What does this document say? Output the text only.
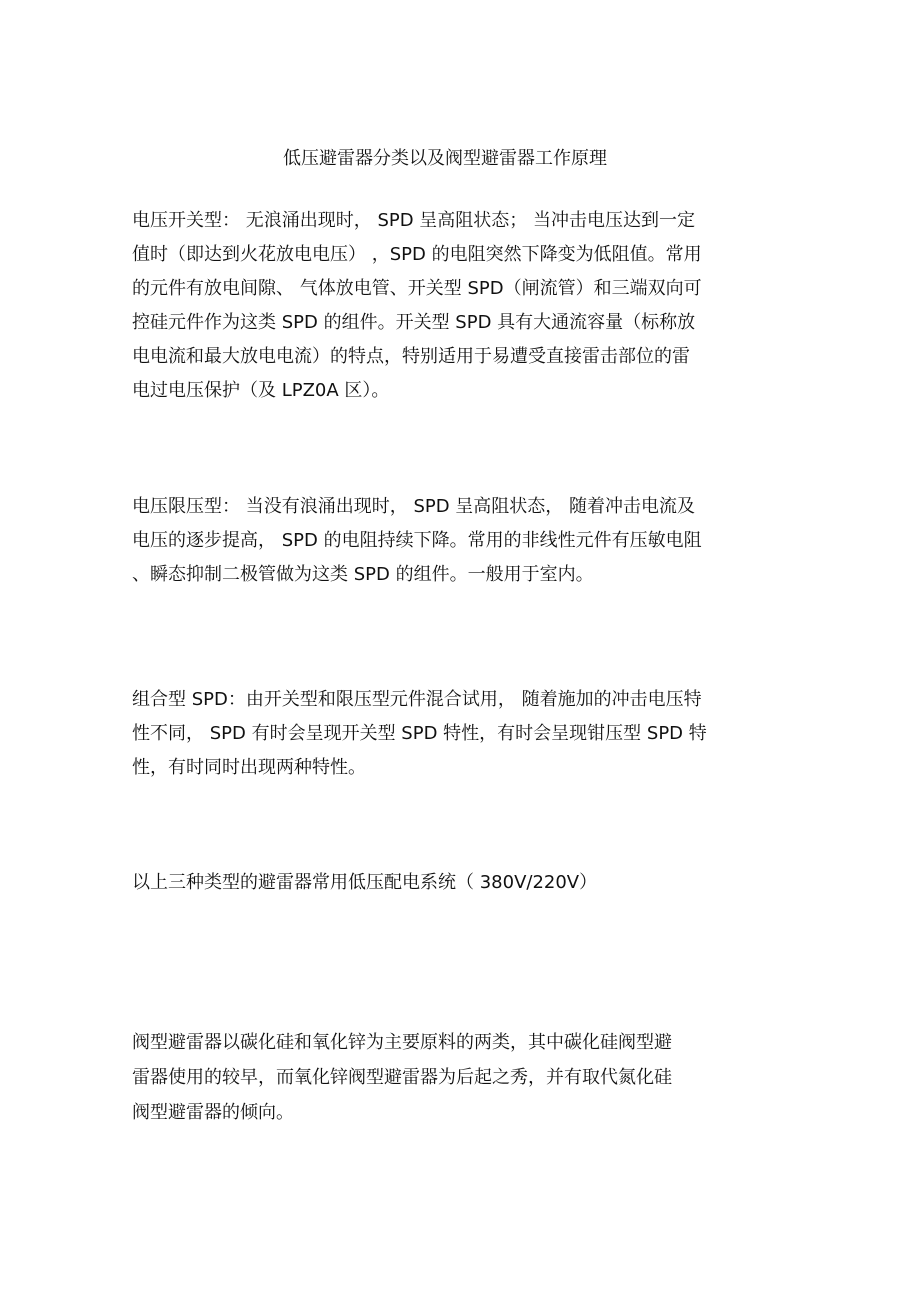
低压避雷器分类以及阀型避雷器工作原理
电压开关型： 无浪涌出现时， SPD 呈高阻状态； 当冲击电压达到一定
值时（即达到火花放电电压） ，SPD 的电阻突然下降变为低阻值。常用
的元件有放电间隙、 气体放电管、开关型 SPD（闸流管）和三端双向可
控硅元件作为这类 SPD 的组件。开关型 SPD 具有大通流容量（标称放
电电流和最大放电电流）的特点，特别适用于易遭受直接雷击部位的雷
电过电压保护（及 LPZ0A 区）。
电压限压型： 当没有浪涌出现时， SPD 呈高阻状态， 随着冲击电流及
电压的逐步提高， SPD 的电阻持续下降。常用的非线性元件有压敏电阻
、瞬态抑制二极管做为这类 SPD 的组件。一般用于室内。
组合型 SPD：由开关型和限压型元件混合试用， 随着施加的冲击电压特
性不同， SPD 有时会呈现开关型 SPD 特性，有时会呈现钳压型 SPD 特
性，有时同时出现两种特性。
以上三种类型的避雷器常用低压配电系统（ 380V/220V）
阀型避雷器以碳化硅和氧化锌为主要原料的两类，其中碳化硅阀型避
雷器使用的较早，而氧化锌阀型避雷器为后起之秀，并有取代氮化硅
阀型避雷器的倾向。
